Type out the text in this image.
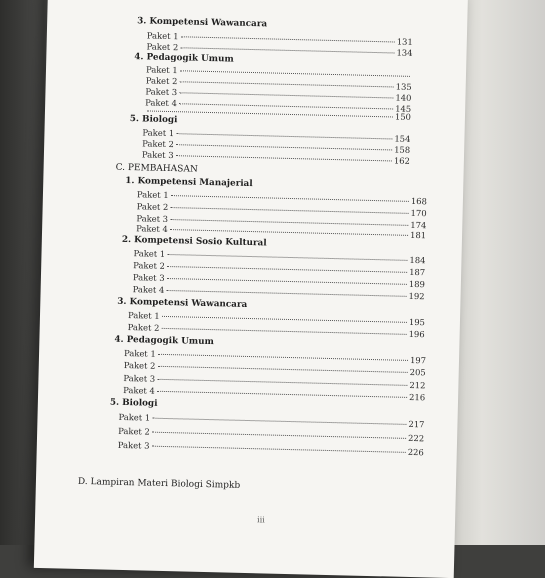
3. Kompetensi Wawancara
Paket 1
131
Paket 2
134
4. Pedagogik Umum
Paket 1
Paket 2
135
Paket 3
140
Paket 4
145
150
5. Biologi
Paket 1
154
Paket 2
158
Paket 3
162
C. PEMBAHASAN
1. Kompetensi Manajerial
Paket 1
168
Paket 2
170
Paket 3
174
Paket 4
181
2. Kompetensi Sosio Kultural
Paket 1
184
Paket 2
187
Paket 3
189
Paket 4
192
3. Kompetensi Wawancara
Paket 1
195
Paket 2
196
4. Pedagogik Umum
Paket 1
197
Paket 2
205
Paket 3
212
Paket 4
216
5. Biologi
Paket 1
217
Paket 2
222
Paket 3
226
D. Lampiran Materi Biologi Simpkb
iii
